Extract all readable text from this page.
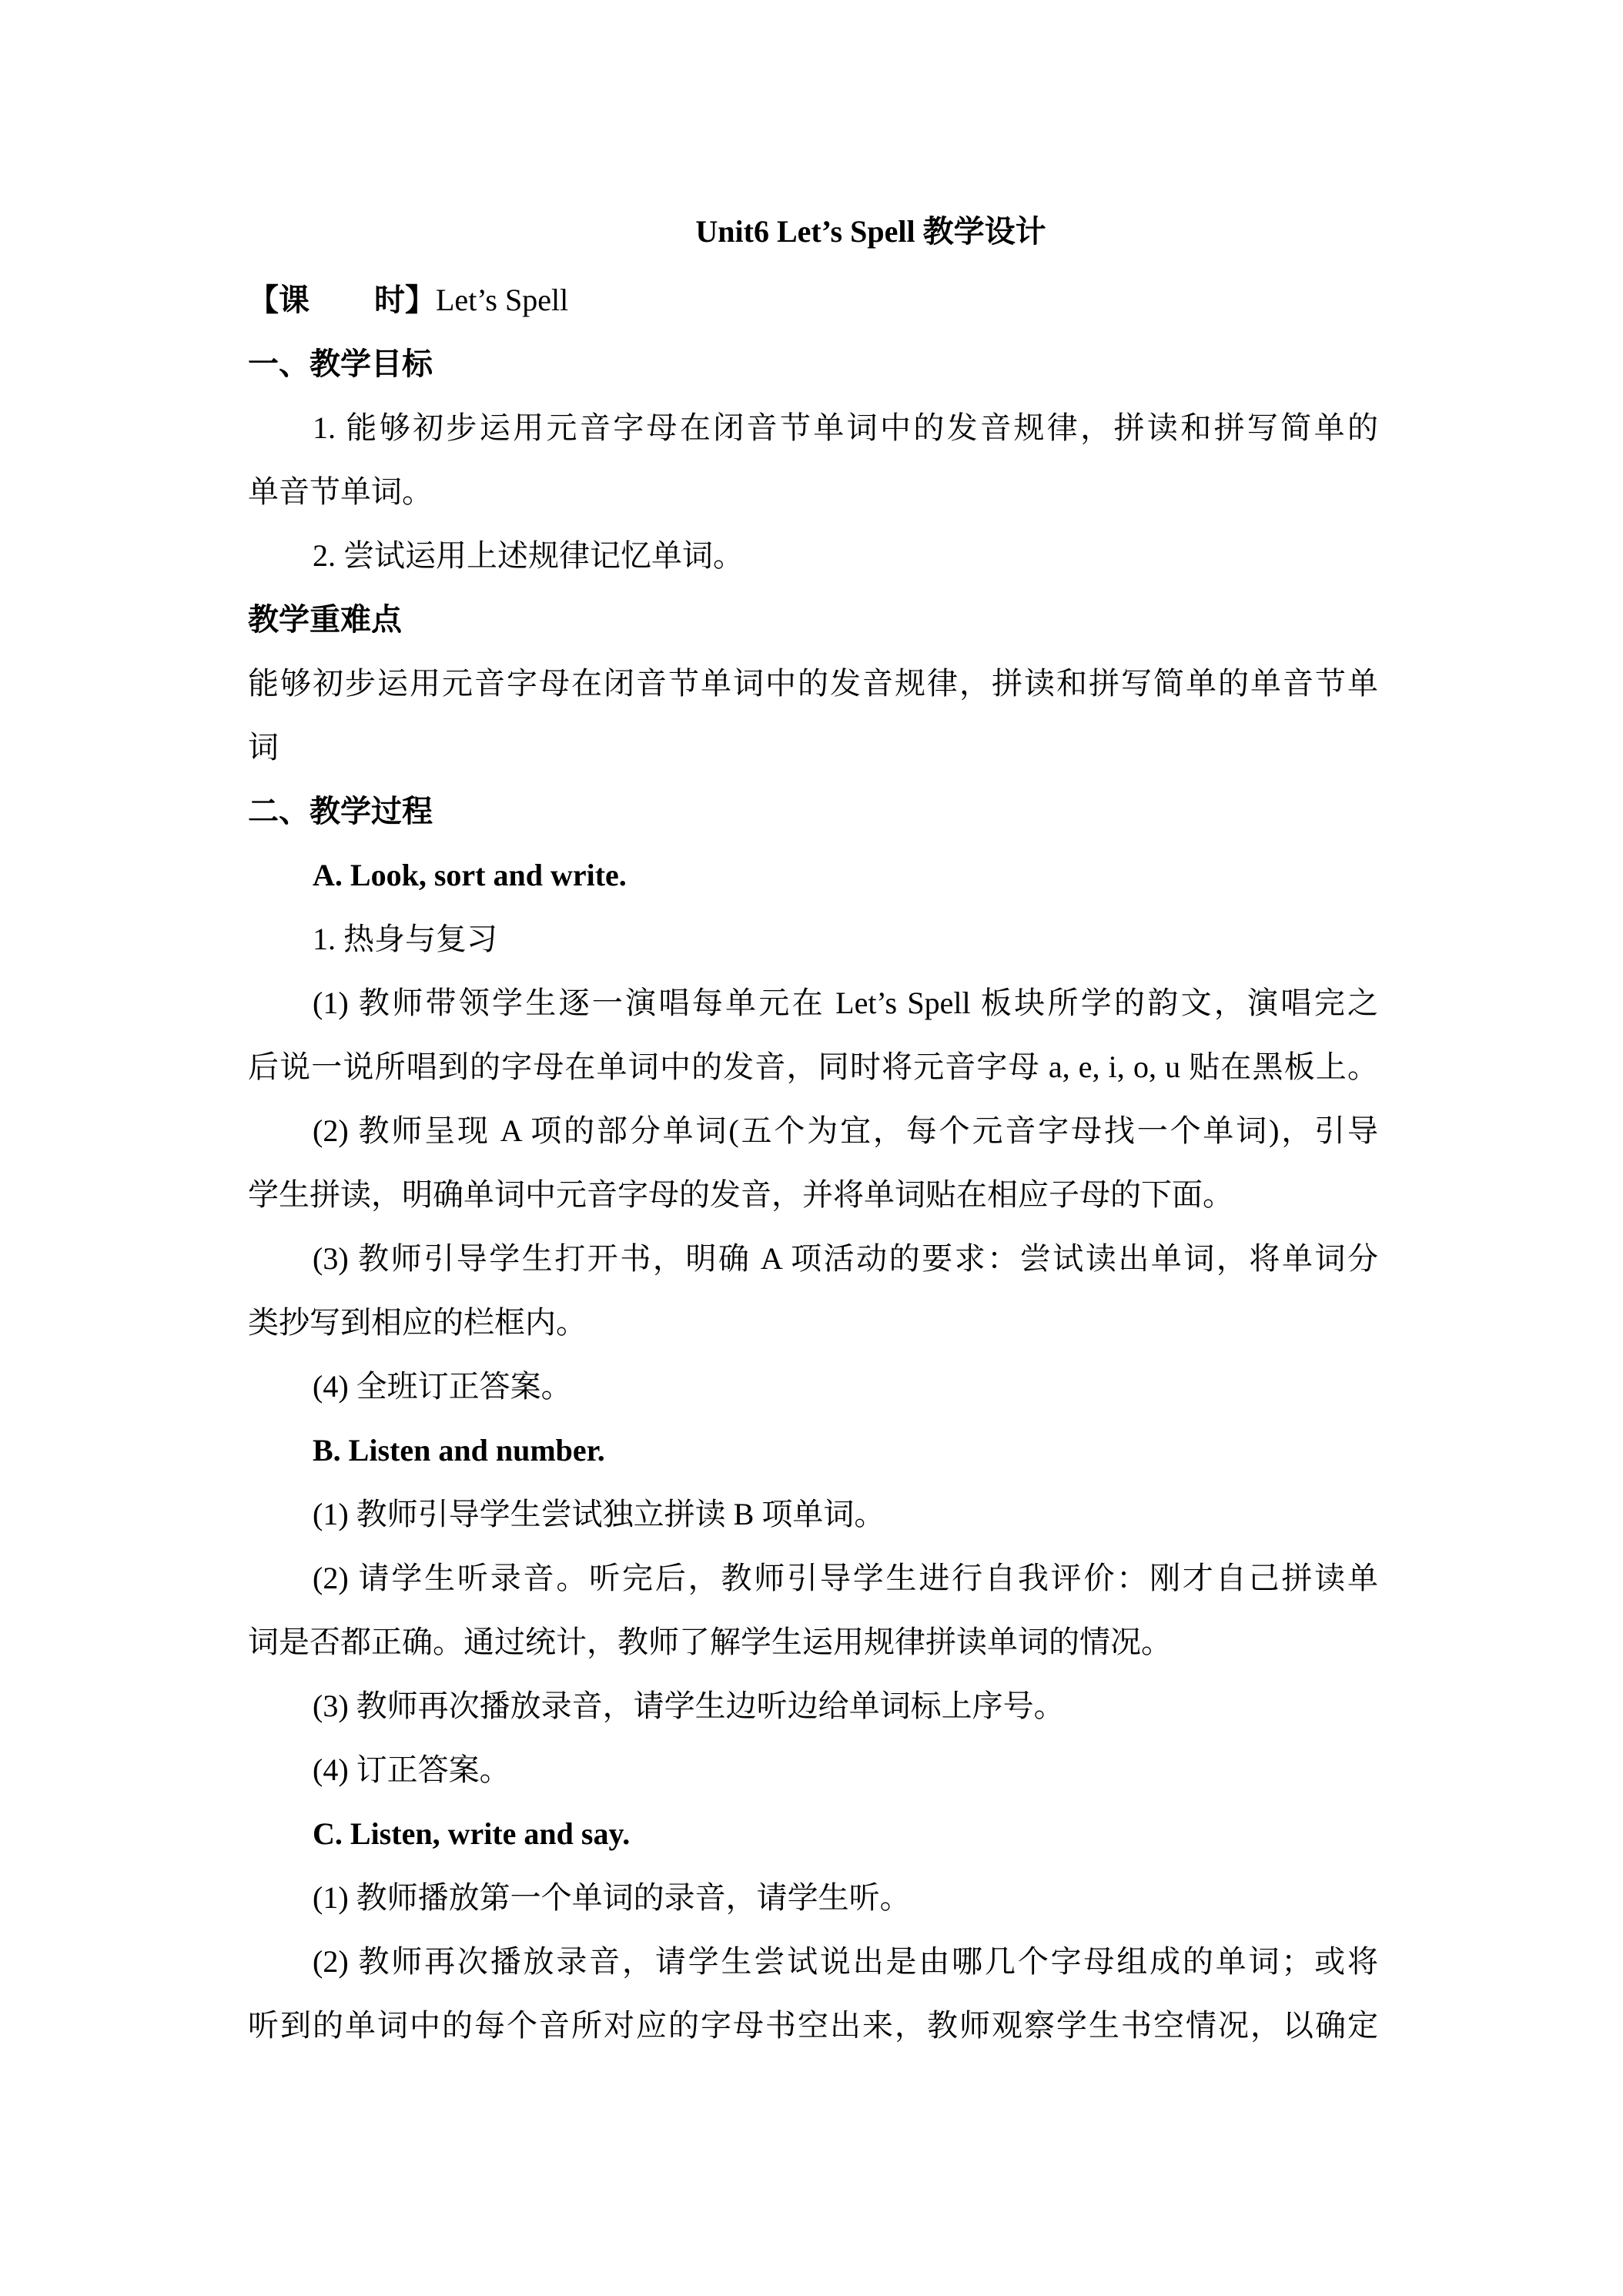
Unit6 Let’s Spell 教学设计

【课 时】Let’s Spell

一、教学目标

1. 能够初步运用元音字母在闭音节单词中的发音规律，拼读和拼写简单的

单音节单词。

2. 尝试运用上述规律记忆单词。

教学重难点

能够初步运用元音字母在闭音节单词中的发音规律，拼读和拼写简单的单音节单

词

二、教学过程

A. Look, sort and write.

1. 热身与复习

(1) 教师带领学生逐一演唱每单元在 Let’s Spell 板块所学的韵文，演唱完之

后说一说所唱到的字母在单词中的发音，同时将元音字母 a, e, i, o, u 贴在黑板上。

(2) 教师呈现 A 项的部分单词(五个为宜，每个元音字母找一个单词)，引导

学生拼读，明确单词中元音字母的发音，并将单词贴在相应子母的下面。

(3) 教师引导学生打开书，明确 A 项活动的要求：尝试读出单词，将单词分

类抄写到相应的栏框内。

(4) 全班订正答案。

B. Listen and number.

(1) 教师引导学生尝试独立拼读 B 项单词。

(2) 请学生听录音。听完后，教师引导学生进行自我评价：刚才自己拼读单

词是否都正确。通过统计，教师了解学生运用规律拼读单词的情况。

(3) 教师再次播放录音，请学生边听边给单词标上序号。

(4) 订正答案。

C. Listen, write and say.

(1) 教师播放第一个单词的录音，请学生听。

(2) 教师再次播放录音，请学生尝试说出是由哪几个字母组成的单词；或将

听到的单词中的每个音所对应的字母书空出来，教师观察学生书空情况，以确定
